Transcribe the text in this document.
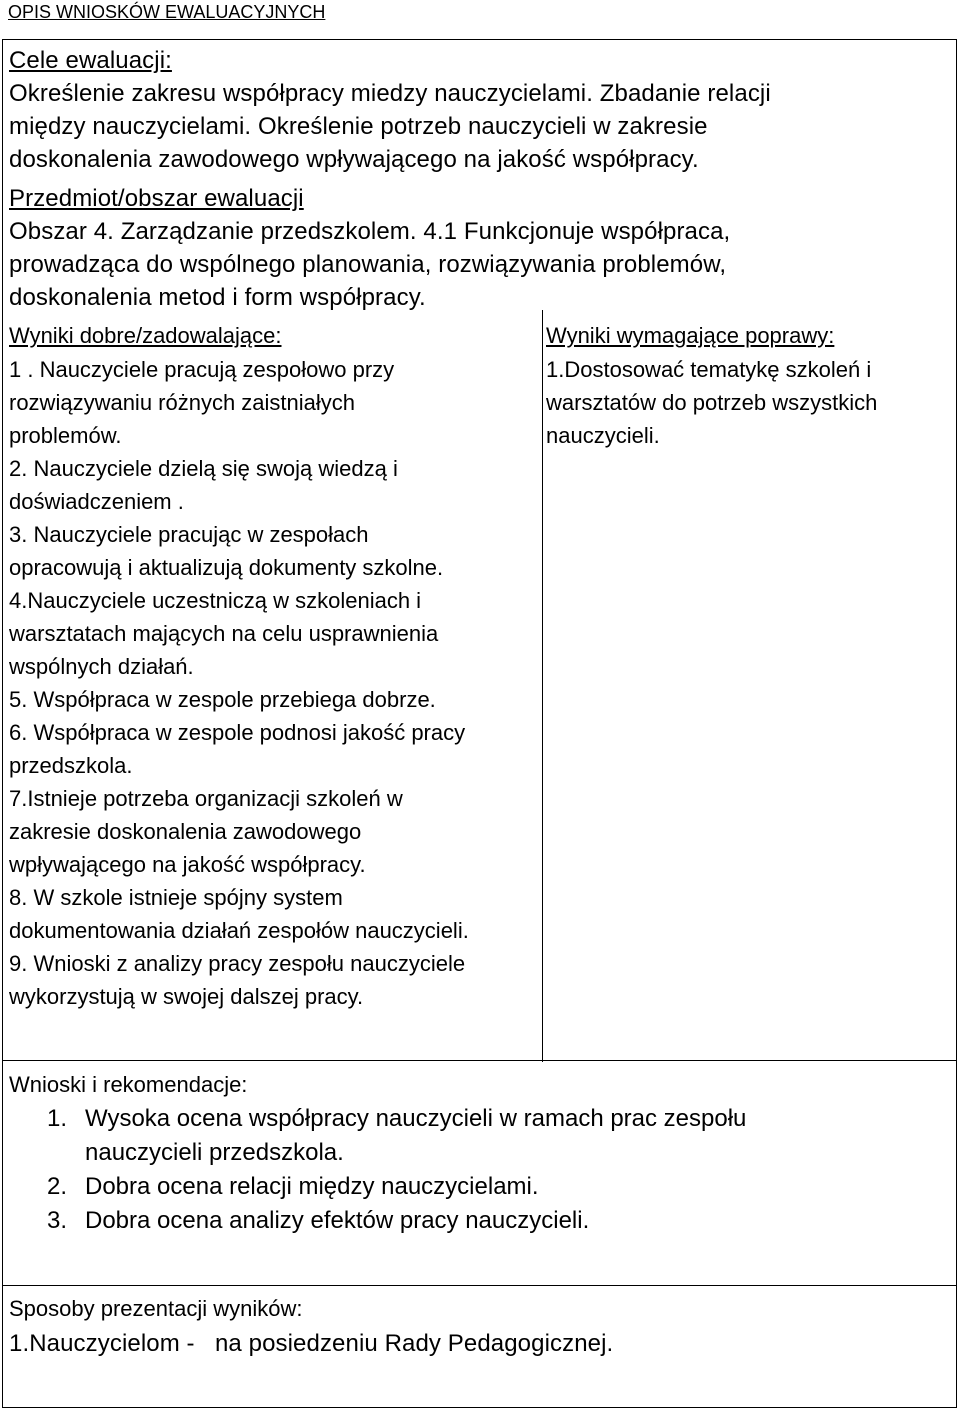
OPIS WNIOSKÓW EWALUACYJNYCH
Cele ewaluacji:
Określenie zakresu współpracy miedzy nauczycielami. Zbadanie relacji
między nauczycielami. Określenie potrzeb nauczycieli w zakresie
doskonalenia zawodowego wpływającego na jakość współpracy.
Przedmiot/obszar ewaluacji
Obszar 4. Zarządzanie przedszkolem. 4.1 Funkcjonuje współpraca,
prowadząca do wspólnego planowania, rozwiązywania problemów,
doskonalenia metod i form współpracy.
Wyniki dobre/zadowalające:
1 . Nauczyciele pracują zespołowo przy
rozwiązywaniu różnych zaistniałych
problemów.
2. Nauczyciele dzielą się swoją wiedzą i
doświadczeniem .
3. Nauczyciele pracując w zespołach
opracowują i aktualizują dokumenty szkolne.
4.Nauczyciele uczestniczą w szkoleniach i
warsztatach mających na celu usprawnienia
wspólnych działań.
5. Współpraca w zespole przebiega dobrze.
6. Współpraca w zespole podnosi jakość pracy
przedszkola.
7.Istnieje potrzeba organizacji szkoleń w
zakresie doskonalenia zawodowego
wpływającego na jakość współpracy.
8. W szkole istnieje spójny system
dokumentowania działań zespołów nauczycieli.
9. Wnioski z analizy pracy zespołu nauczyciele
wykorzystują w swojej dalszej pracy.
Wyniki wymagające poprawy:
1.Dostosować tematykę szkoleń i
warsztatów do potrzeb wszystkich
nauczycieli.
Wnioski i rekomendacje:
1. Wysoka ocena współpracy nauczycieli w ramach prac zespołu nauczycieli przedszkola.
2. Dobra ocena relacji między nauczycielami.
3. Dobra ocena analizy efektów pracy nauczycieli.
Sposoby prezentacji wyników:
1.Nauczycielom -   na posiedzeniu Rady Pedagogicznej.
